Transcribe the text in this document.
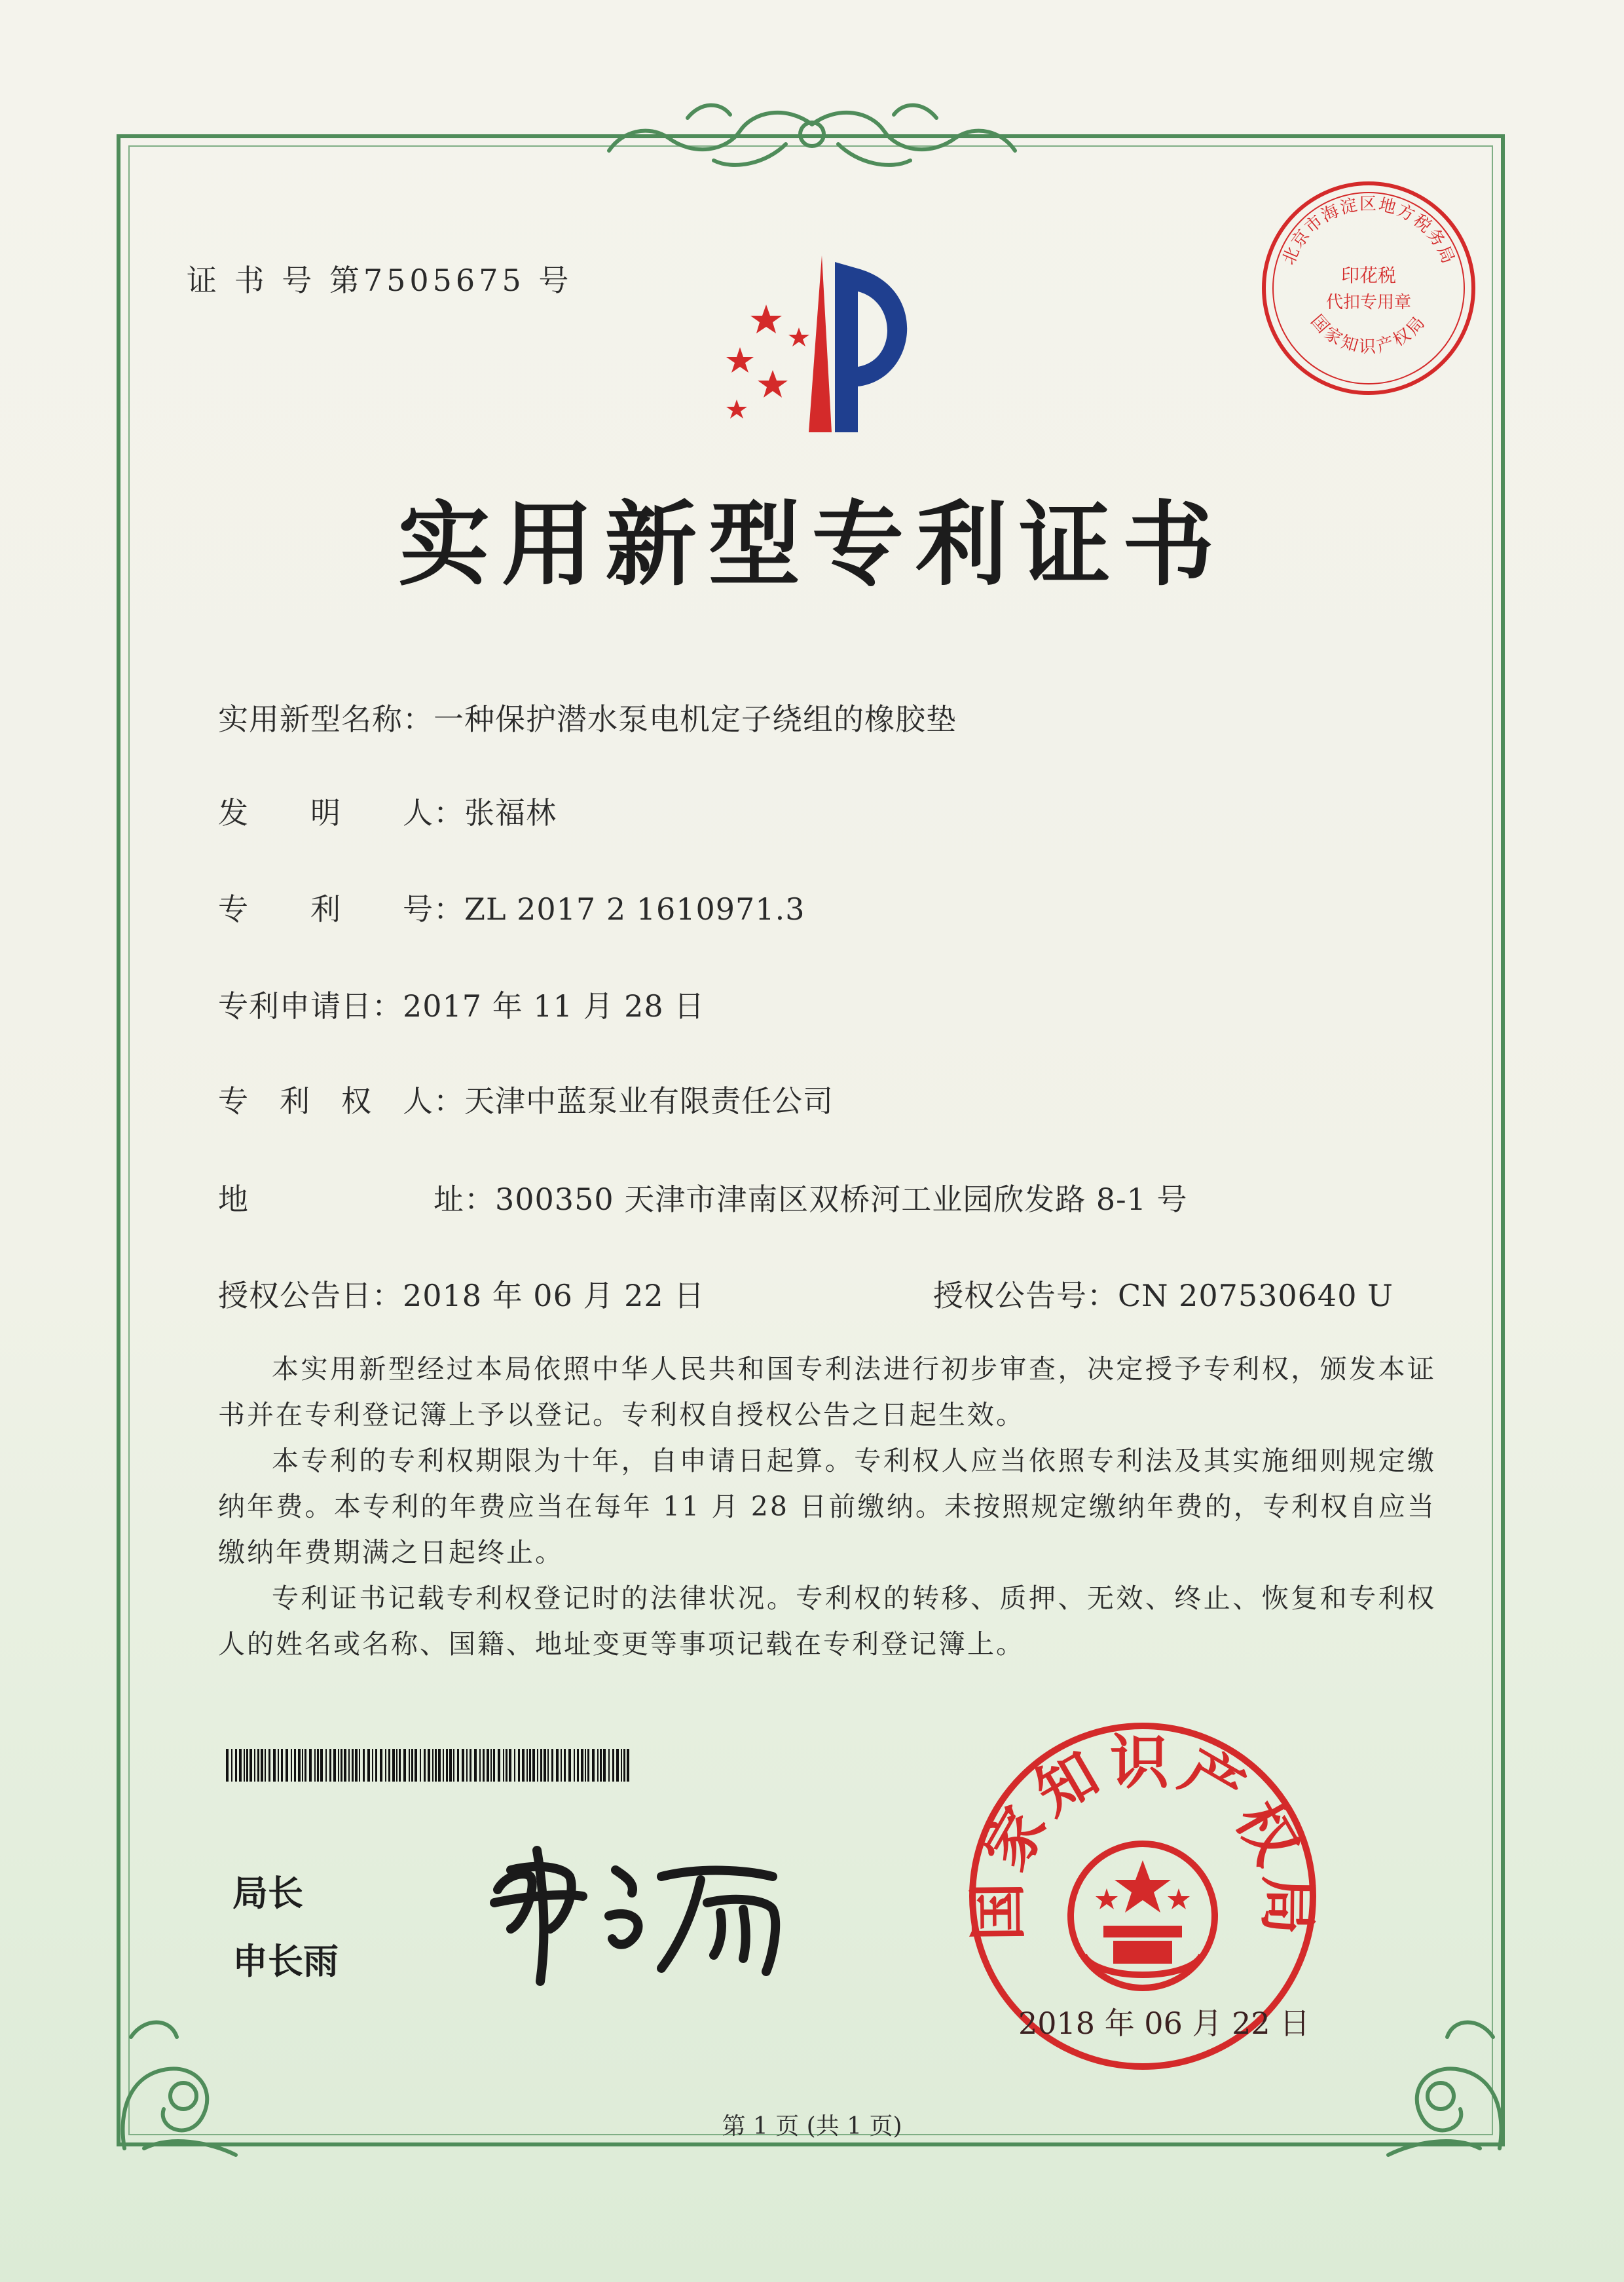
证 书 号 第7505675 号
北京市海淀区地方税务局
印花税
代扣专用章
国家知识产权局
实用新型专利证书
实用新型名称：一种保护潜水泵电机定子绕组的橡胶垫
发　　明　　人：张福林
专　　利　　号：ZL 2017 2 1610971.3
专利申请日：2017 年 11 月 28 日
专　利　权　人：天津中蓝泵业有限责任公司
地　　　　　　址：300350 天津市津南区双桥河工业园欣发路 8-1 号
授权公告日：2018 年 06 月 22 日	授权公告号：CN 207530640 U

本实用新型经过本局依照中华人民共和国专利法进行初步审查，决定授予专利权，颁发本证书并在专利登记簿上予以登记。专利权自授权公告之日起生效。

本专利的专利权期限为十年，自申请日起算。专利权人应当依照专利法及其实施细则规定缴纳年费。本专利的年费应当在每年 11 月 28 日前缴纳。未按照规定缴纳年费的，专利权自应当缴纳年费期满之日起终止。

专利证书记载专利权登记时的法律状况。专利权的转移、质押、无效、终止、恢复和专利权人的姓名或名称、国籍、地址变更等事项记载在专利登记簿上。

局长
申长雨
国家知识产权局
2018 年 06 月 22 日
第 1 页 (共 1 页)
